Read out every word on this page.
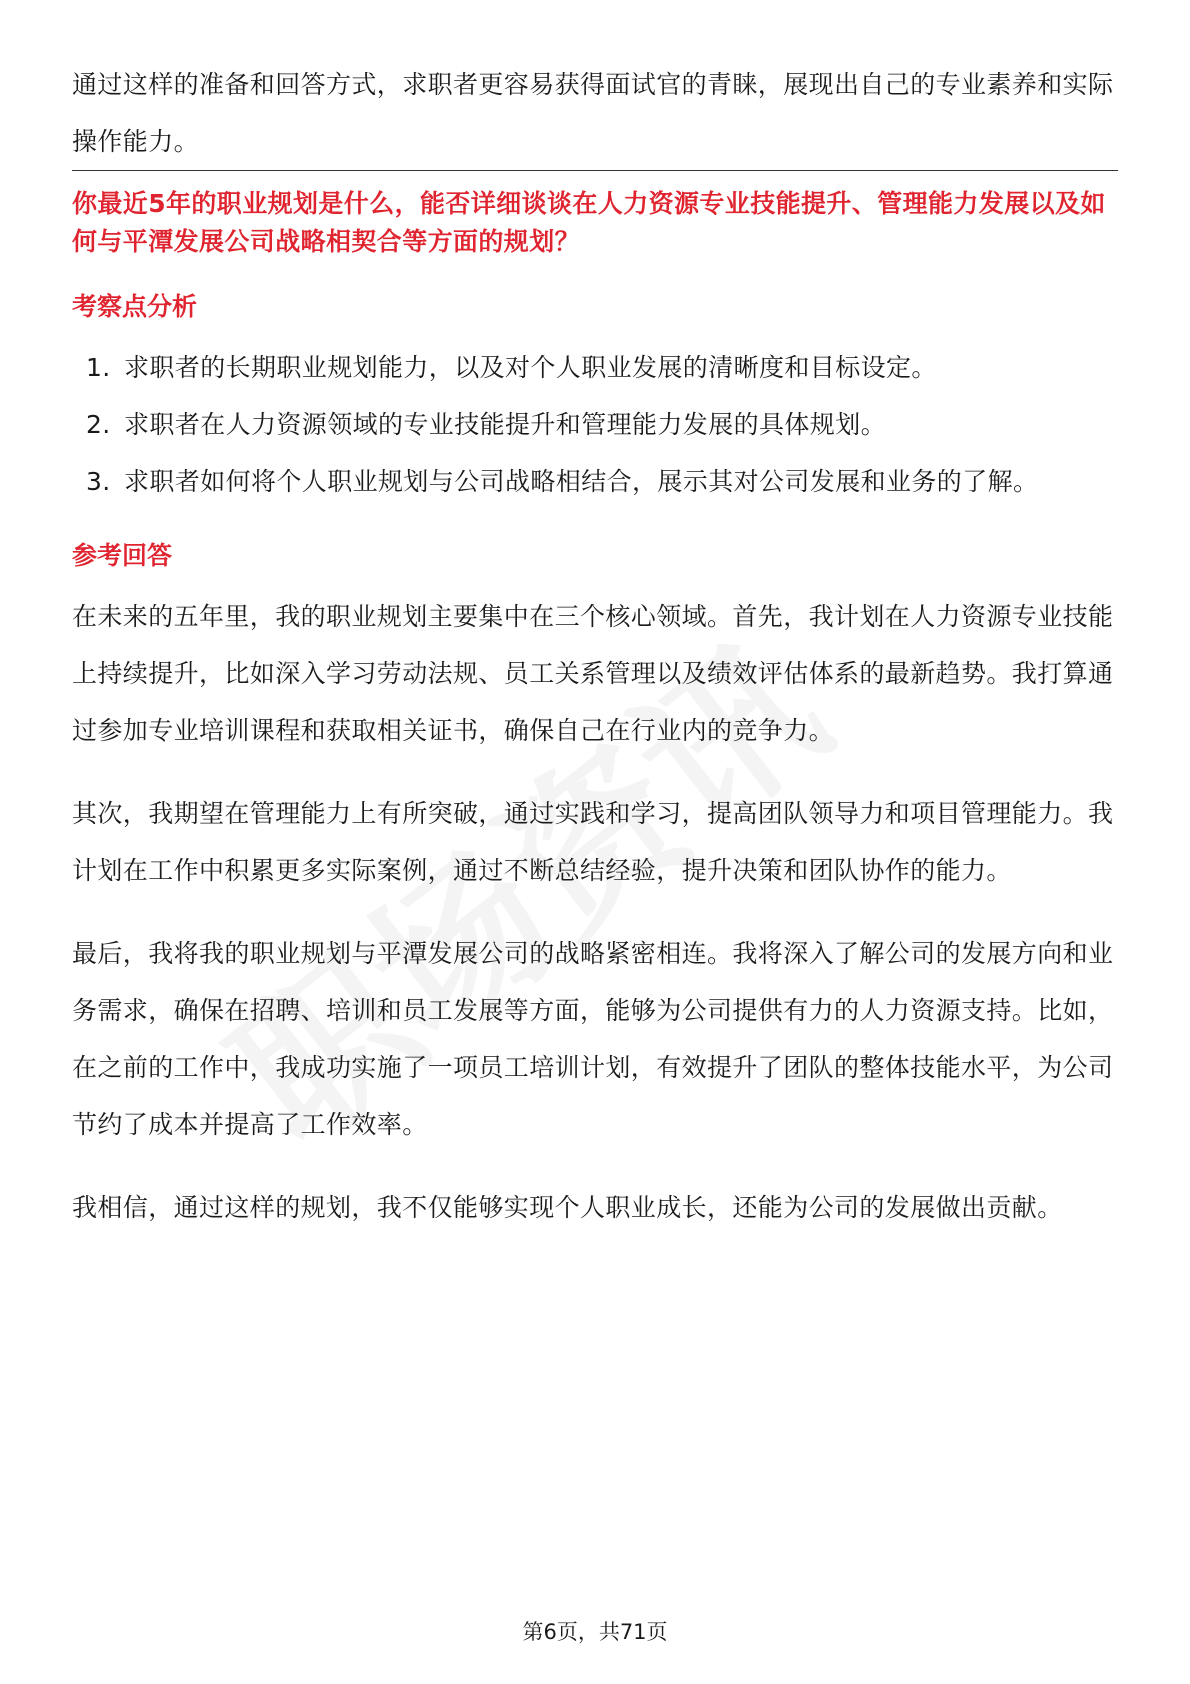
通过这样的准备和回答方式，求职者更容易获得面试官的青睐，展现出自己的专业素养和实际操作能力。

你最近5年的职业规划是什么，能否详细谈谈在人力资源专业技能提升、管理能力发展以及如何与平潭发展公司战略相契合等方面的规划？

考察点分析
1. 求职者的长期职业规划能力，以及对个人职业发展的清晰度和目标设定。
2. 求职者在人力资源领域的专业技能提升和管理能力发展的具体规划。
3. 求职者如何将个人职业规划与公司战略相结合，展示其对公司发展和业务的了解。
参考回答

在未来的五年里，我的职业规划主要集中在三个核心领域。首先，我计划在人力资源专业技能上持续提升，比如深入学习劳动法规、员工关系管理以及绩效评估体系的最新趋势。我打算通过参加专业培训课程和获取相关证书，确保自己在行业内的竞争力。

其次，我期望在管理能力上有所突破，通过实践和学习，提高团队领导力和项目管理能力。我计划在工作中积累更多实际案例，通过不断总结经验，提升决策和团队协作的能力。

最后，我将我的职业规划与平潭发展公司的战略紧密相连。我将深入了解公司的发展方向和业务需求，确保在招聘、培训和员工发展等方面，能够为公司提供有力的人力资源支持。比如，在之前的工作中，我成功实施了一项员工培训计划，有效提升了团队的整体技能水平，为公司节约了成本并提高了工作效率。

我相信，通过这样的规划，我不仅能够实现个人职业成长，还能为公司的发展做出贡献。

第6页，共71页
